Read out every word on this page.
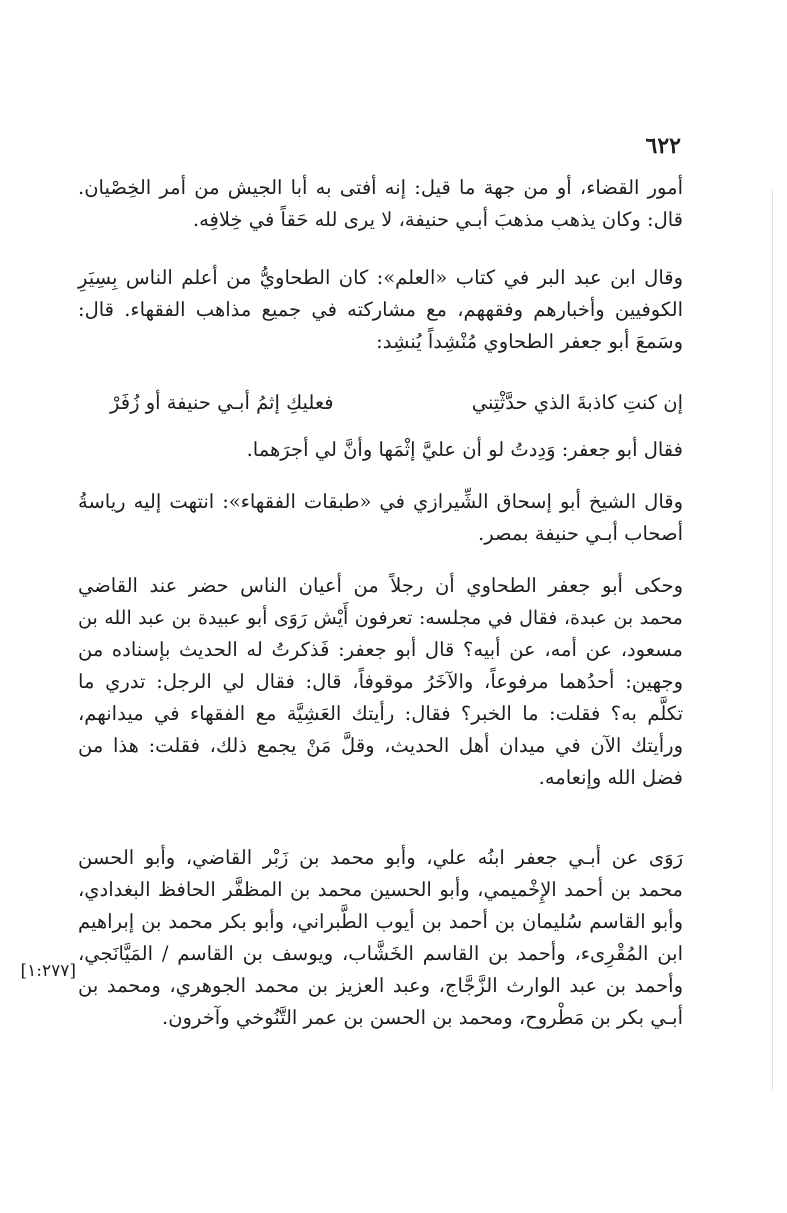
٦٢٢
أمور القضاء، أو من جهة ما قيل: إنه أفتى به أبا الجيش من أمر الخِصْيان.
قال: وكان يذهب مذهبَ أبـي حنيفة، لا يرى لله حَقاً في خِلافِه.
وقال ابن عبد البر في كتاب «العلم»: كان الطحاويُّ من أعلم الناس بِسِيَرِ
الكوفيين وأخبارهم وفقههم، مع مشاركته في جميع مذاهب الفقهاء. قال:
وسَمعَ أبو جعفر الطحاوي مُنْشِداً يُنشِد:
إن كنتِ كاذبةَ الذي حدَّثْتِني
فعليكِ إثمُ أبـي حنيفة أو زُفَرْ
فقال أبو جعفر: وَدِدتُ لو أن عليَّ إثْمَها وأنَّ لي أجرَهما.
وقال الشيخ أبو إسحاق الشِّيرازي في «طبقات الفقهاء»: انتهت إليه رياسةُ
أصحاب أبـي حنيفة بمصر.
وحكى أبو جعفر الطحاوي أن رجلاً من أعيان الناس حضر عند القاضي
محمد بن عبدة، فقال في مجلسه: تعرفون أَيْش رَوَى أبو عبيدة بن عبد الله بن
مسعود، عن أمه، عن أبيه؟ قال أبو جعفر: فَذكرتُ له الحديث بإسناده من
وجهين: أحدُهما مرفوعاً، والآخَرُ موقوفاً، قال: فقال لي الرجل: تدري ما
تكلَّم به؟ فقلت: ما الخبر؟ فقال: رأيتك العَشِيَّة مع الفقهاء في ميدانهم،
ورأيتك الآن في ميدان أهل الحديث، وقلَّ مَنْ يجمع ذلك، فقلت: هذا من
فضل الله وإنعامه.
رَوَى عن أبـي جعفر ابنُه علي، وأبو محمد بن زَبْر القاضي، وأبو الحسن
محمد بن أحمد الإِخْميمي، وأبو الحسين محمد بن المظفَّر الحافظ البغدادي،
وأبو القاسم سُليمان بن أحمد بن أيوب الطَّبراني، وأبو بكر محمد بن إبراهيم
ابن المُقْرِىء، وأحمد بن القاسم الخَشَّاب، ويوسف بن القاسم / المَيَّانَجي،
وأحمد بن عبد الوارث الزَّجَّاج، وعبد العزيز بن محمد الجوهري، ومحمد بن
أبـي بكر بن مَطْروح، ومحمد بن الحسن بن عمر التَّنُوخي وآخرون.
[١:٢٧٧]
